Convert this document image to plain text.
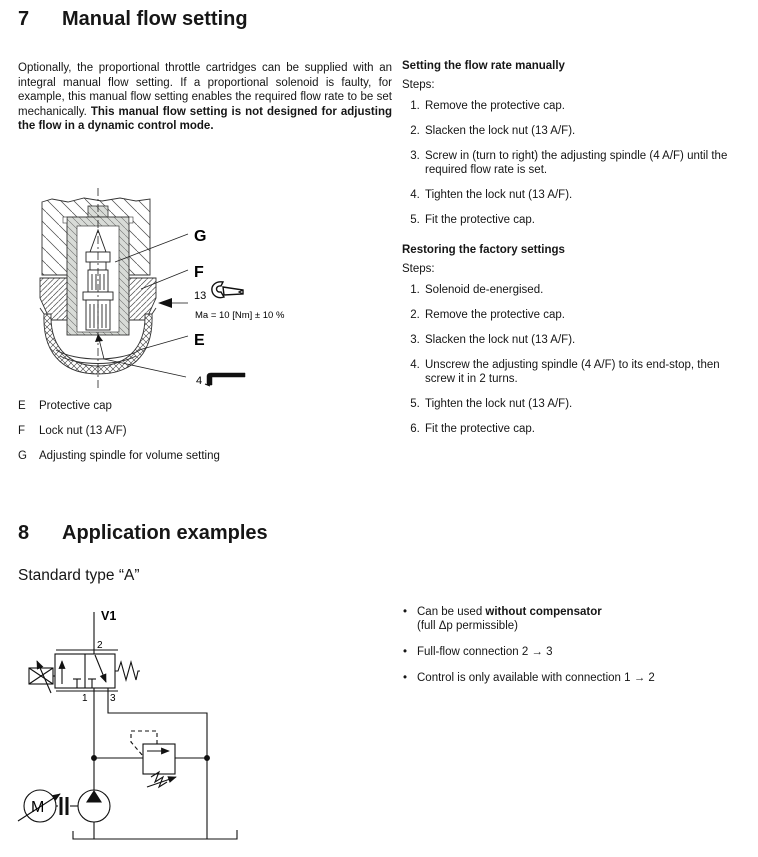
7	Manual flow setting

Optionally, the proportional throttle cartridges can be supplied with an integral manual flow setting. If a proportional solenoid is faulty, for example, this manual flow setting enables the required flow rate to be set mechanically. This manual flow setting is not designed for adjusting the flow in a dynamic control mode.

Setting the flow rate manually

Steps:

1. Remove the protective cap.
2. Slacken the lock nut (13 A/F).
3. Screw in (turn to right) the adjusting spindle (4 A/F) until the required flow rate is set.
4. Tighten the lock nut (13 A/F).
5. Fit the protective cap.

Restoring the factory settings

Steps:

1. Solenoid de-energised.
2. Remove the protective cap.
3. Slacken the lock nut (13 A/F).
4. Unscrew the adjusting spindle (4 A/F) to its end-stop, then screw it in 2 turns.
5. Tighten the lock nut (13 A/F).
6. Fit the protective cap.
G
F
13
Ma = 10 [Nm] ± 10 %
E
4
E	Protective cap
F	Lock nut (13 A/F)
G	Adjusting spindle for volume setting
8	Application examples
Standard type “A”
V1
2
1 3
M
• Can be used without compensator
(full Δp permissible)
• Full-flow connection 2 → 3
• Control is only available with connection 1 → 2
